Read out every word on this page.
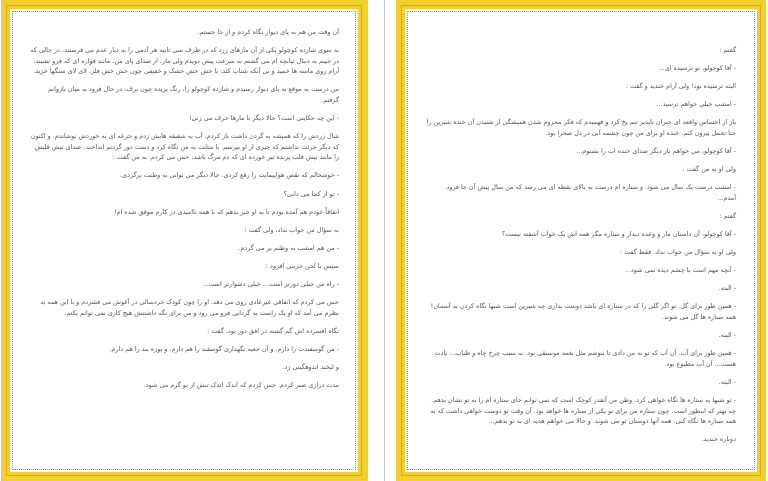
آن وقت من هم به پای دیوار نگاه کردم و از جا جستم.

به سوی شازده کوچولو یکی از آن مارهای زرد که در ظرف سی ثانیه هر آدمی را به دیار عدم می فرستند، در حالی که در جیبم به دنبال تپانچه ام می گشتم به سرعت پیش دویدم ولی مار، از صدای پای من، مانند فواره ای که فرو نشیند، آرام روی ماسه ها خمید و بی آنکه شتاب کند، با خش خش خشک و خفیفی چون خش خش فلز، لای لای سنگها خزید.

من درست به موقع به پای دیوار رسیدم و شازده کوچولو را، رنگ پریده چون برف، در حال فرود به میان بازوانم گرفتم.

- این چه حکایتی است؟ حالا دیگر با مارها حرف می زنی!

شال زردش را که همیشه به گردن داشت باز کردم. آب به شقیقه هایش زدم و جرعه ای به خوردش نوشاندم. و اکنون که دیگر جرئت نداشتم که چیزی از او بپرسم. با متانت به من نگاه کرد و دست دور گردنم انداخت. صدای تپش قلبش را مانند تپش قلب پرنده تیر خورده ای که دم مرگ باشد، حس می کردم. به من گفت :

- خوشحالم که نقص هواپیمایت را رفع کردی. حالا دیگر می توانی به وطنت برگردی.

- تو از کجا می دانی؟

اتفاقاً خودم هم آمده بودم تا به او خبر بدهم که با همه ناامیدی در کارم موفق شده ام!

به سؤال من جواب نداد، ولی گفت :

- من هم امشب به وطنم بر می گردم.

سپس با لحن حزینی افزود :

- راه من خیلی دورتر است... خیلی دشوارتر است...

حس می کردم که اتفاقی غیرعادی روی می دهد. او را چون کودک خردسالی در آغوش می فشردم و با این همه به نظرم می آمد که او یک راست به گردابی فرو می رود و من برای نگه داشتنش هیچ کاری نمی توانم بکنم.

نگاه افسرده اش گم گشته در افق دور بود. گفت :

- من گوسفندت را دارم. و آن جعبه نگهداری گوسفند را هم دارم. و پوزه بند را هم دارم.

و لبخند اندوهگینی زد.

مدت درازی صبر کردم. حس کردم که اندک اندک تنش از نو گرم می شود.

گفتم :

- آقا کوچولو، تو ترسیده ای...

البته ترسیده بود! ولی آرام خندید و گفت :

- امشب خیلی خواهم ترسید...

باز از احساس واقعه ای جبران ناپذیر تنم یخ کرد و فهمیدم که فکر محروم شدن همیشگی از شنیدن آن خنده شیرین را حتا تحمل بیرون کنم. خنده او برای من چون چشمه آبی در دل صحرا بود.

- آقا کوچولو، می خواهم باز دیگر صدای خنده ات را بشنوم...

ولی او به من گفت :

- امشب درست یک سال می شود. و ستاره ام درست به بالای نقطه ای می رسد که من سال پیش آن جا فرود آمدم...

گفتم :

- آقا کوچولو، آن داستان مار و وعده دیدار و ستاره مگر همه اش یک خواب آشفته نیست؟

ولی او به سؤال من جواب نداد. فقط گفت :

- آنچه مهم است با چشم دیده نمی شود...

- البته.

- همین طور برای گل. تو اگر گلی را که در ستاره ای باشد دوست بداری چه شیرین است شبها نگاه کردن به آسمان! همه ستاره ها گل می شوند.

- البته.

- همین طور برای آب. آن آب که تو به من دادی تا بنوشم مثل نغمه موسیقی بود. به سبب چرخ چاه و طناب... یادت هست... آن آب مطبوع بود.

- البته.

- تو شبها به ستاره ها نگاه خواهی کرد. وطن من آنقدر کوچک است که نمی توانم جای ستاره ام را به تو نشان بدهم. چه بهتر که اینطور است. چون ستاره من برای تو یکی از ستاره ها خواهد بود. آن وقت تو دوست خواهی داشت که به همه ستاره ها نگاه کنی. همه آنها دوستان تو می شوند. و حالا می خواهم هدیه ای به تو بدهم...

دوباره خندید.
